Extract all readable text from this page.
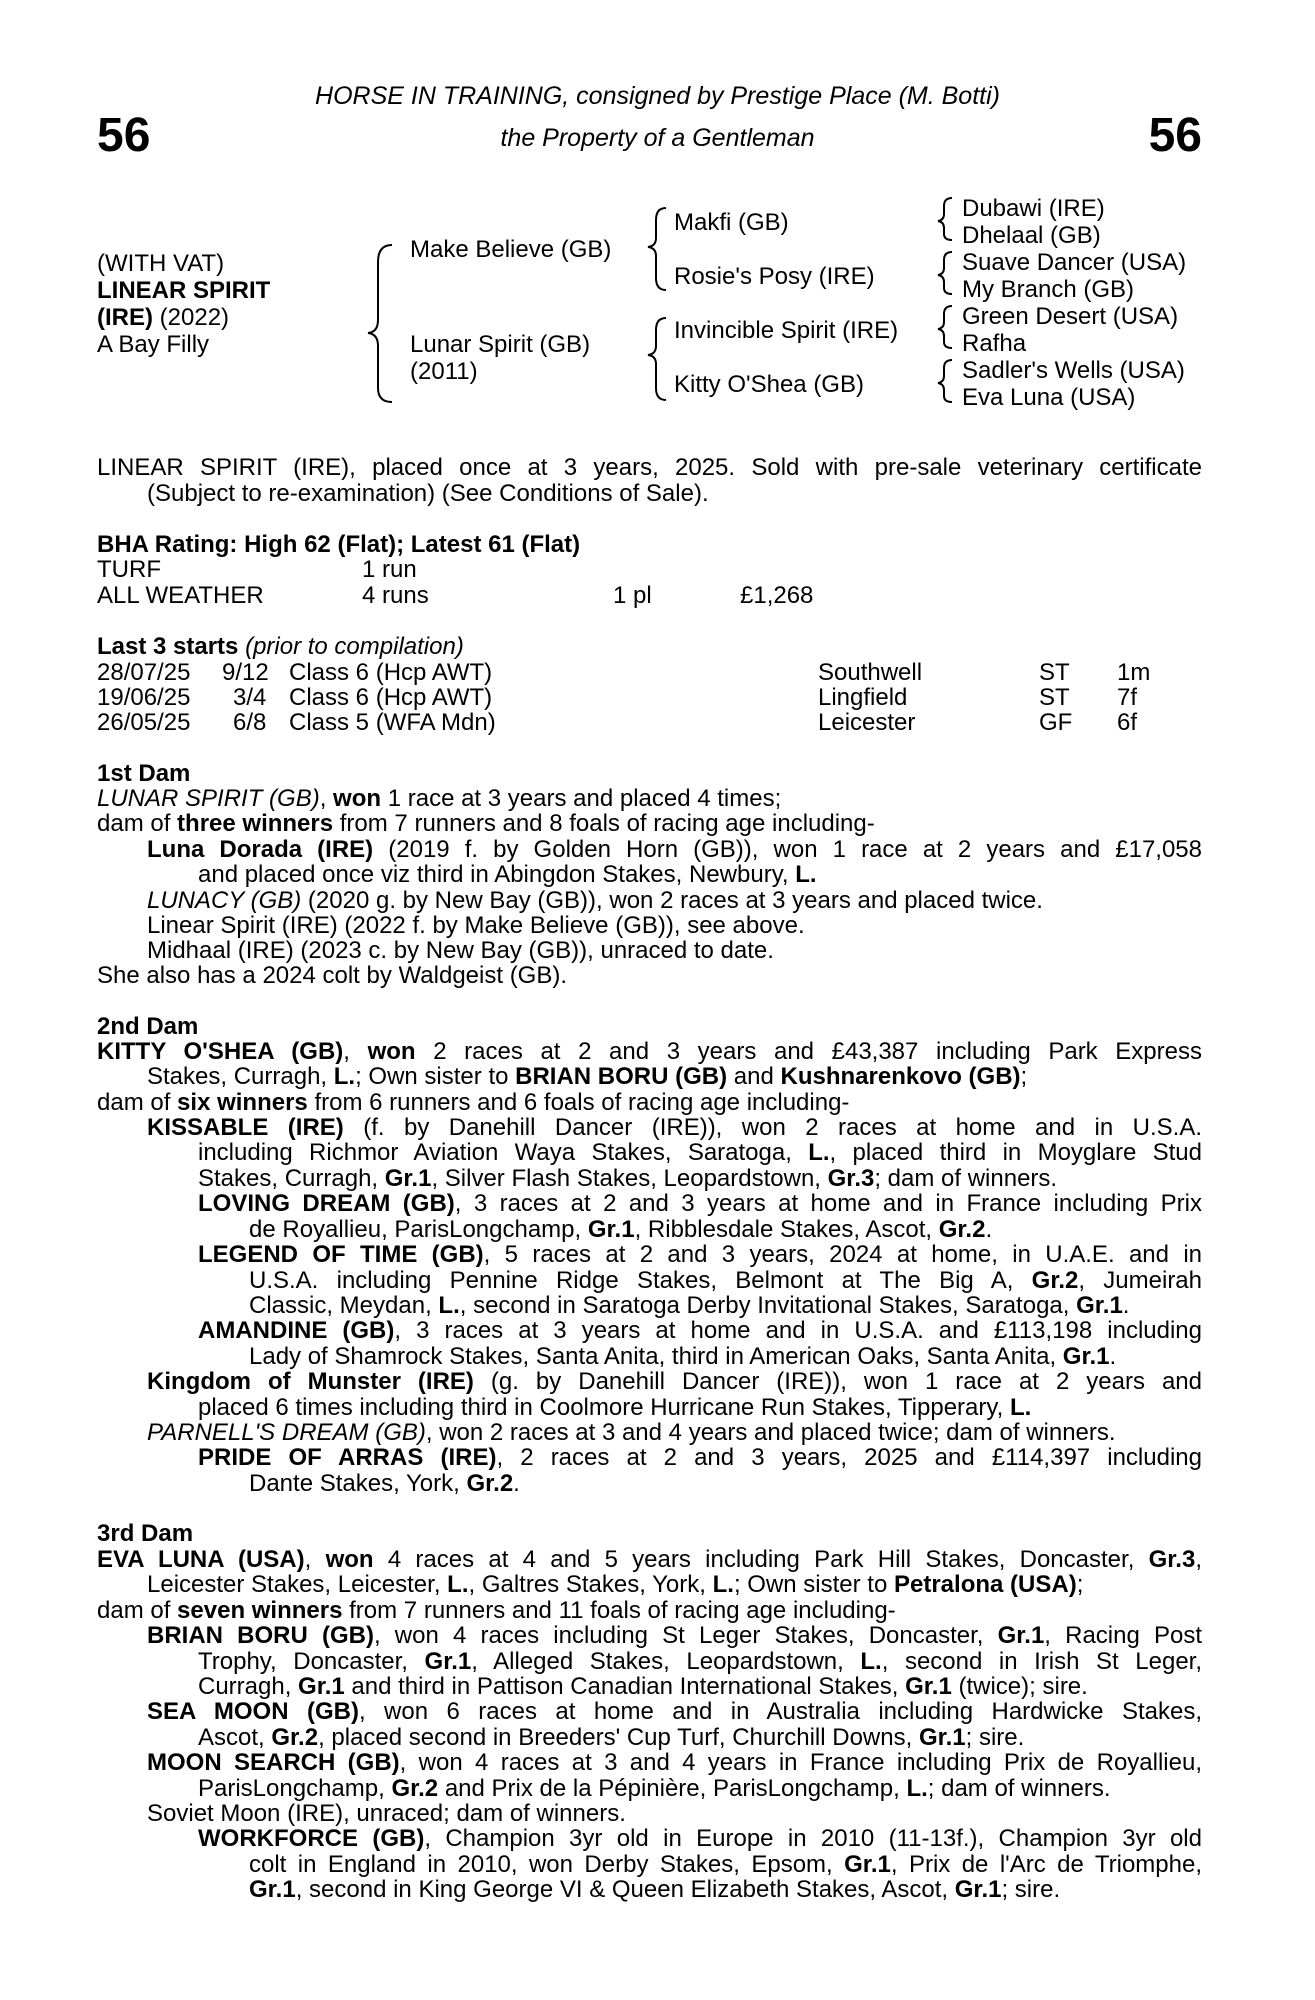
56	56
HORSE IN TRAINING, consigned by Prestige Place (M. Botti)
the Property of a Gentleman
(WITH VAT)
LINEAR SPIRIT
(IRE) (2022)
A Bay Filly
Make Believe (GB)
Lunar Spirit (GB)
(2011)
Makfi (GB)
Rosie's Posy (IRE)
Invincible Spirit (IRE)
Kitty O'Shea (GB)
Dubawi (IRE)
Dhelaal (GB)
Suave Dancer (USA)
My Branch (GB)
Green Desert (USA)
Rafha
Sadler's Wells (USA)
Eva Luna (USA)
LINEAR SPIRIT (IRE), placed once at 3 years, 2025. Sold with pre-sale veterinary certificate
(Subject to re-examination) (See Conditions of Sale).
BHA Rating: High 62 (Flat); Latest 61 (Flat)
TURF	1 run
ALL WEATHER	4 runs	1 pl	£1,268
Last 3 starts (prior to compilation)
28/07/25 9/12 Class 6 (Hcp AWT)	Southwell	ST 1m
19/06/25 3/4 Class 6 (Hcp AWT)	Lingfield	ST 7f
26/05/25 6/8 Class 5 (WFA Mdn)	Leicester	GF 6f
1st Dam
LUNAR SPIRIT (GB), won 1 race at 3 years and placed 4 times;
dam of three winners from 7 runners and 8 foals of racing age including-
Luna Dorada (IRE) (2019 f. by Golden Horn (GB)), won 1 race at 2 years and £17,058
and placed once viz third in Abingdon Stakes, Newbury, L.
LUNACY (GB) (2020 g. by New Bay (GB)), won 2 races at 3 years and placed twice.
Linear Spirit (IRE) (2022 f. by Make Believe (GB)), see above.
Midhaal (IRE) (2023 c. by New Bay (GB)), unraced to date.
She also has a 2024 colt by Waldgeist (GB).
2nd Dam
KITTY O'SHEA (GB), won 2 races at 2 and 3 years and £43,387 including Park Express
Stakes, Curragh, L.; Own sister to BRIAN BORU (GB) and Kushnarenkovo (GB);
dam of six winners from 6 runners and 6 foals of racing age including-
KISSABLE (IRE) (f. by Danehill Dancer (IRE)), won 2 races at home and in U.S.A.
including Richmor Aviation Waya Stakes, Saratoga, L., placed third in Moyglare Stud
Stakes, Curragh, Gr.1, Silver Flash Stakes, Leopardstown, Gr.3; dam of winners.
LOVING DREAM (GB), 3 races at 2 and 3 years at home and in France including Prix
de Royallieu, ParisLongchamp, Gr.1, Ribblesdale Stakes, Ascot, Gr.2.
LEGEND OF TIME (GB), 5 races at 2 and 3 years, 2024 at home, in U.A.E. and in
U.S.A. including Pennine Ridge Stakes, Belmont at The Big A, Gr.2, Jumeirah
Classic, Meydan, L., second in Saratoga Derby Invitational Stakes, Saratoga, Gr.1.
AMANDINE (GB), 3 races at 3 years at home and in U.S.A. and £113,198 including
Lady of Shamrock Stakes, Santa Anita, third in American Oaks, Santa Anita, Gr.1.
Kingdom of Munster (IRE) (g. by Danehill Dancer (IRE)), won 1 race at 2 years and
placed 6 times including third in Coolmore Hurricane Run Stakes, Tipperary, L.
PARNELL'S DREAM (GB), won 2 races at 3 and 4 years and placed twice; dam of winners.
PRIDE OF ARRAS (IRE), 2 races at 2 and 3 years, 2025 and £114,397 including
Dante Stakes, York, Gr.2.
3rd Dam
EVA LUNA (USA), won 4 races at 4 and 5 years including Park Hill Stakes, Doncaster, Gr.3,
Leicester Stakes, Leicester, L., Galtres Stakes, York, L.; Own sister to Petralona (USA);
dam of seven winners from 7 runners and 11 foals of racing age including-
BRIAN BORU (GB), won 4 races including St Leger Stakes, Doncaster, Gr.1, Racing Post
Trophy, Doncaster, Gr.1, Alleged Stakes, Leopardstown, L., second in Irish St Leger,
Curragh, Gr.1 and third in Pattison Canadian International Stakes, Gr.1 (twice); sire.
SEA MOON (GB), won 6 races at home and in Australia including Hardwicke Stakes,
Ascot, Gr.2, placed second in Breeders' Cup Turf, Churchill Downs, Gr.1; sire.
MOON SEARCH (GB), won 4 races at 3 and 4 years in France including Prix de Royallieu,
ParisLongchamp, Gr.2 and Prix de la Pépinière, ParisLongchamp, L.; dam of winners.
Soviet Moon (IRE), unraced; dam of winners.
WORKFORCE (GB), Champion 3yr old in Europe in 2010 (11-13f.), Champion 3yr old
colt in England in 2010, won Derby Stakes, Epsom, Gr.1, Prix de l'Arc de Triomphe,
Gr.1, second in King George VI & Queen Elizabeth Stakes, Ascot, Gr.1; sire.
